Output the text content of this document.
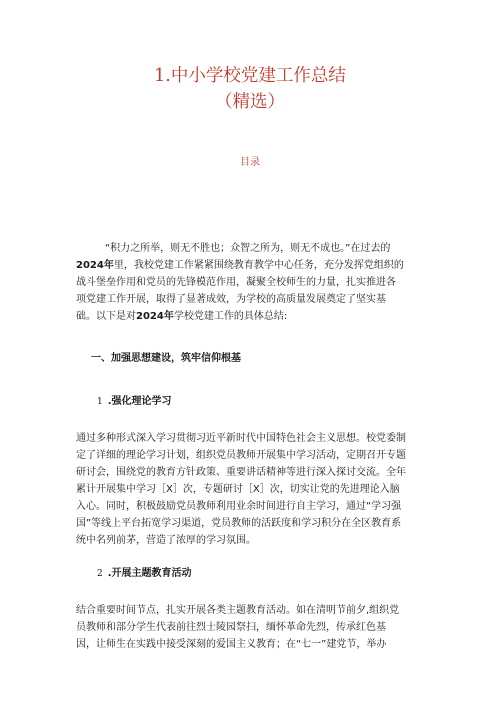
1.中小学校党建工作总结
（精选）
目录
“积力之所举，则无不胜也；众智之所为，则无不成也。”在过去的
2024年里，我校党建工作紧紧围绕教育教学中心任务，充分发挥党组织的
战斗堡垒作用和党员的先锋模范作用，凝聚全校师生的力量，扎实推进各
项党建工作开展，取得了显著成效，为学校的高质量发展奠定了坚实基
础。以下是对2024年学校党建工作的具体总结:
一、加强思想建设，筑牢信仰根基
1 .强化理论学习
通过多种形式深入学习贯彻习近平新时代中国特色社会主义思想。校党委制
定了详细的理论学习计划，组织党员教师开展集中学习活动，定期召开专题
研讨会，围绕党的教育方针政策、重要讲话精神等进行深入探讨交流。全年
累计开展集中学习［X］次，专题研讨［X］次，切实让党的先进理论入脑
入心。同时，积极鼓励党员教师利用业余时间进行自主学习，通过“学习强
国”等线上平台拓宽学习渠道，党员教师的活跃度和学习积分在全区教育系
统中名列前茅，营造了浓厚的学习氛围。
2 .开展主题教育活动
结合重要时间节点，扎实开展各类主题教育活动。如在清明节前夕,组织党
员教师和部分学生代表前往烈士陵园祭扫，缅怀革命先烈，传承红色基
因，让师生在实践中接受深刻的爱国主义教育；在“七一”建党节，举办
